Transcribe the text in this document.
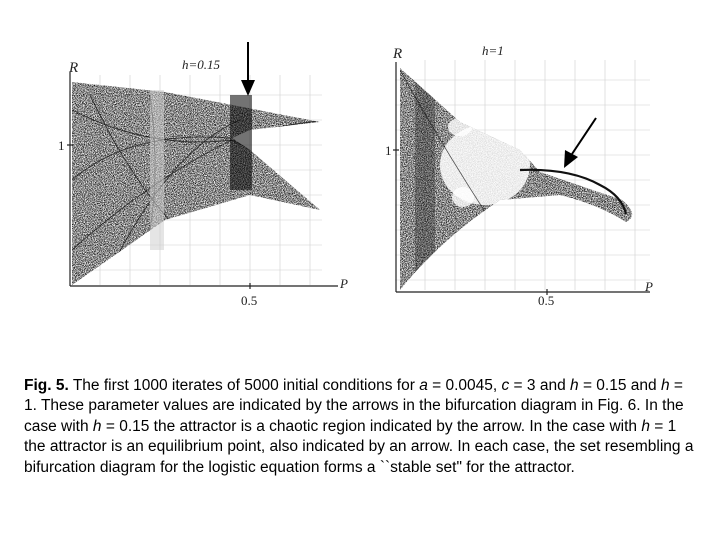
h=0.15
R
1
P
0.5
h=1
R
1
P
0.5

Fig. 5. The first 1000 iterates of 5000 initial conditions for a = 0.0045, c = 3 and h = 0.15 and h = 1. These parameter values are indicated by the arrows in the bifurcation diagram in Fig. 6. In the case with h = 0.15 the attractor is a chaotic region indicated by the arrow. In the case with h = 1 the attractor is an equilibrium point, also indicated by an arrow. In each case, the set resembling a bifurcation diagram for the logistic equation forms a ``stable set" for the attractor.
